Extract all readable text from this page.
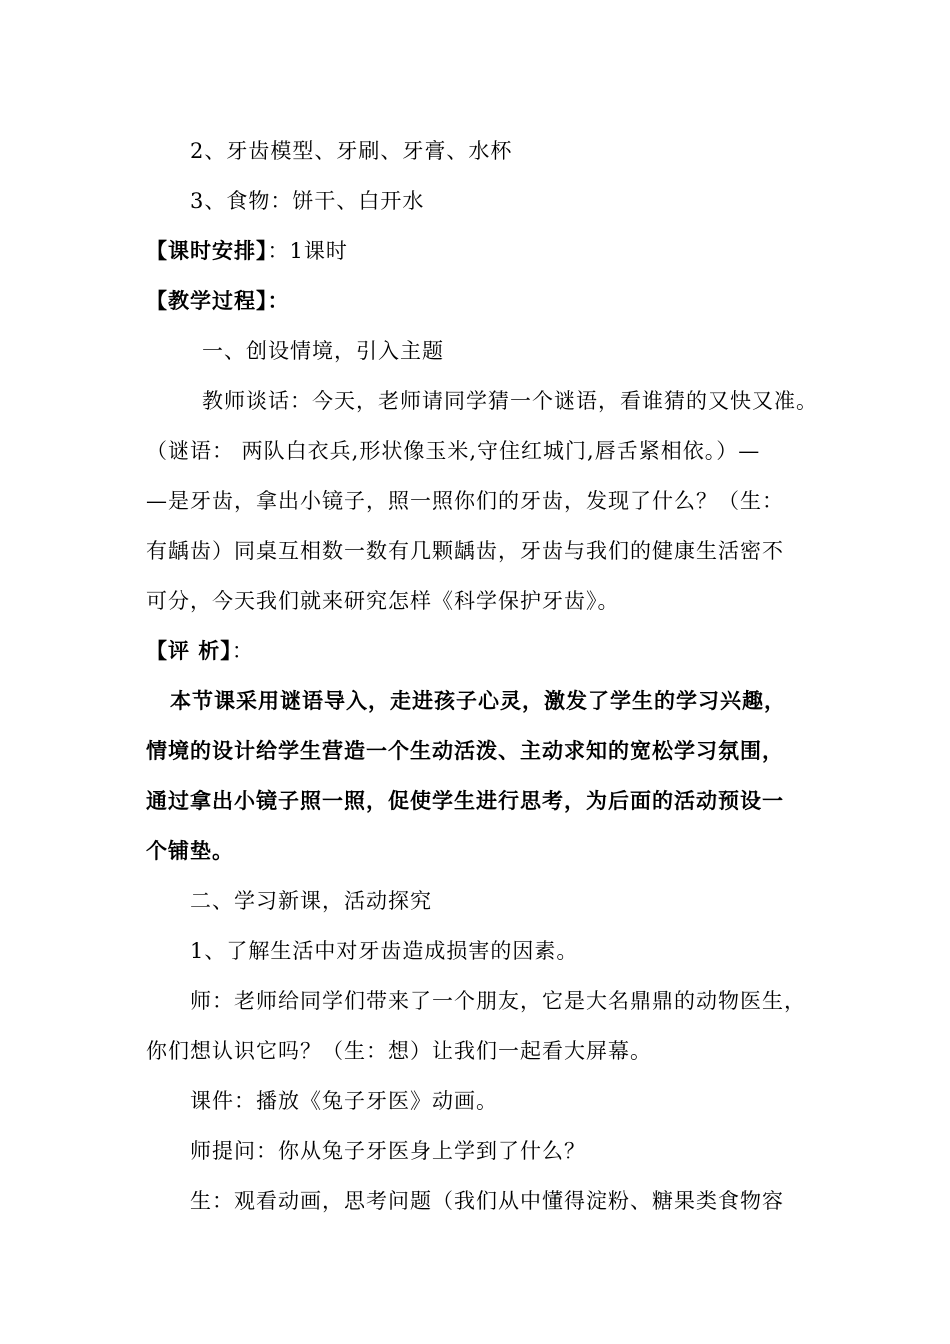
2、牙齿模型、牙刷、牙膏、水杯
3、食物：饼干、白开水
【课时安排】：1课时
【教学过程】：
一、创设情境，引入主题
教师谈话：今天，老师请同学猜一个谜语，看谁猜的又快又准。
（谜语： 两队白衣兵,形状像玉米,守住红城门,唇舌紧相依。）—
—是牙齿，拿出小镜子，照一照你们的牙齿，发现了什么？（生：
有龋齿）同桌互相数一数有几颗龋齿，牙齿与我们的健康生活密不
可分，今天我们就来研究怎样《科学保护牙齿》。
【评 析】：
本节课采用谜语导入，走进孩子心灵，激发了学生的学习兴趣，
情境的设计给学生营造一个生动活泼、主动求知的宽松学习氛围，
通过拿出小镜子照一照，促使学生进行思考，为后面的活动预设一
个铺垫。
二、学习新课，活动探究
1、了解生活中对牙齿造成损害的因素。
师：老师给同学们带来了一个朋友，它是大名鼎鼎的动物医生，
你们想认识它吗？（生：想）让我们一起看大屏幕。
课件：播放《兔子牙医》动画。
师提问：你从兔子牙医身上学到了什么？
生：观看动画，思考问题（我们从中懂得淀粉、糖果类食物容
